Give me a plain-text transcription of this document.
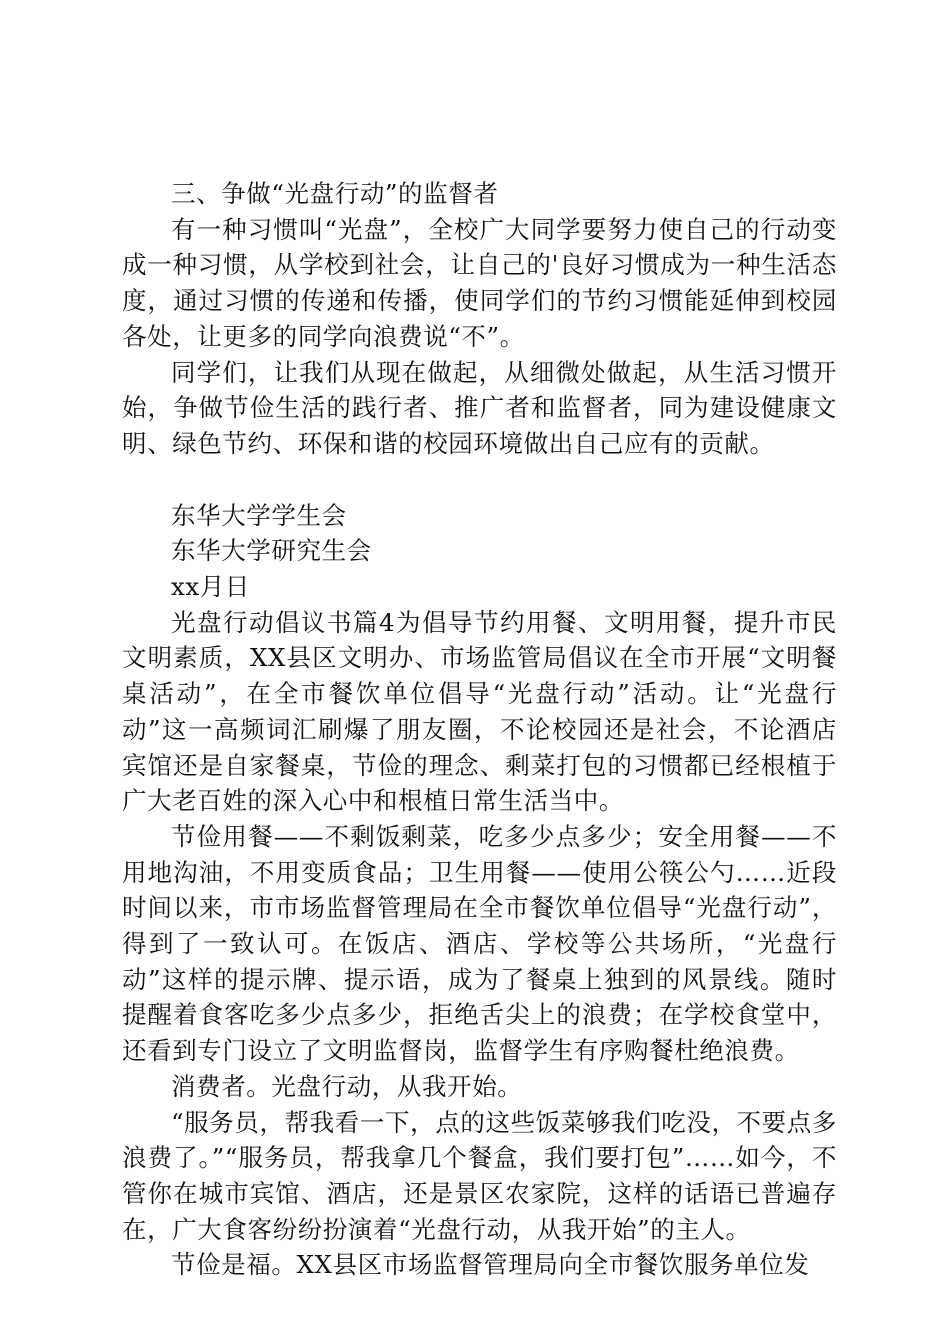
三、争做“光盘行动”的监督者

有一种习惯叫“光盘”，全校广大同学要努力使自己的行动变成一种习惯，从学校到社会，让自己的'良好习惯成为一种生活态度，通过习惯的传递和传播，使同学们的节约习惯能延伸到校园各处，让更多的同学向浪费说“不”。

同学们，让我们从现在做起，从细微处做起，从生活习惯开始，争做节俭生活的践行者、推广者和监督者，同为建设健康文明、绿色节约、环保和谐的校园环境做出自己应有的贡献。

东华大学学生会
东华大学研究生会
xx月日

光盘行动倡议书篇4为倡导节约用餐、文明用餐，提升市民文明素质，XX县区文明办、市场监管局倡议在全市开展“文明餐桌活动”，在全市餐饮单位倡导“光盘行动”活动。让“光盘行动”这一高频词汇刷爆了朋友圈，不论校园还是社会，不论酒店宾馆还是自家餐桌，节俭的理念、剩菜打包的习惯都已经根植于广大老百姓的深入心中和根植日常生活当中。

节俭用餐——不剩饭剩菜，吃多少点多少；安全用餐——不用地沟油，不用变质食品；卫生用餐——使用公筷公勺……近段时间以来，市市场监督管理局在全市餐饮单位倡导“光盘行动”，得到了一致认可。在饭店、酒店、学校等公共场所，“光盘行动”这样的提示牌、提示语，成为了餐桌上独到的风景线。随时提醒着食客吃多少点多少，拒绝舌尖上的浪费；在学校食堂中，还看到专门设立了文明监督岗，监督学生有序购餐杜绝浪费。

消费者。光盘行动，从我开始。

“服务员，帮我看一下，点的这些饭菜够我们吃没，不要点多浪费了。”“服务员，帮我拿几个餐盒，我们要打包”……如今，不管你在城市宾馆、酒店，还是景区农家院，这样的话语已普遍存在，广大食客纷纷扮演着“光盘行动，从我开始”的主人。

节俭是福。XX县区市场监督管理局向全市餐饮服务单位发
